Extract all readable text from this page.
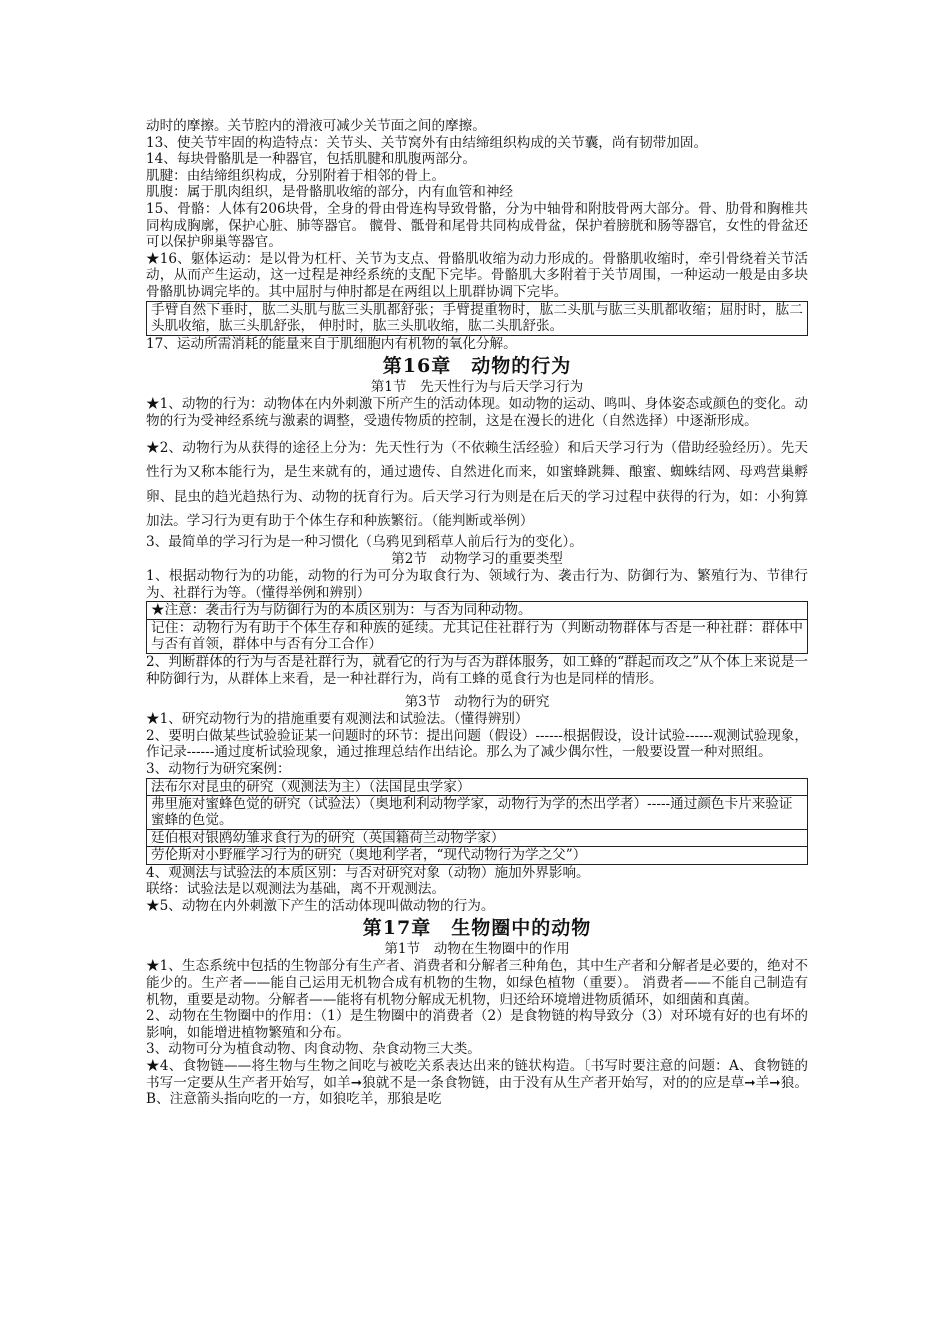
动时的摩擦。关节腔内的滑液可减少关节面之间的摩擦。

13、使关节牢固的构造特点：关节头、关节窝外有由结缔组织构成的关节囊，尚有韧带加固。

14、每块骨骼肌是一种器官，包括肌腱和肌腹两部分。

肌腱：由结缔组织构成，分别附着于相邻的骨上。

肌腹：属于肌肉组织，是骨骼肌收缩的部分，内有血管和神经

15、骨骼：人体有206块骨，全身的骨由骨连构导致骨骼，分为中轴骨和附肢骨两大部分。骨、肋骨和胸椎共同构成胸廓，保护心脏、肺等器官。 髋骨、骶骨和尾骨共同构成骨盆，保护着膀胱和肠等器官，女性的骨盆还可以保护卵巢等器官。

★16、躯体运动：是以骨为杠杆、关节为支点、骨骼肌收缩为动力形成的。骨骼肌收缩时，牵引骨绕着关节活动，从而产生运动，这一过程是神经系统的支配下完毕。骨骼肌大多附着于关节周围，一种运动一般是由多块骨骼肌协调完毕的。其中屈肘与伸肘都是在两组以上肌群协调下完毕。

手臂自然下垂时，肱二头肌与肱三头肌都舒张；手臂提重物时，肱二头肌与肱三头肌都收缩；屈肘时，肱二头肌收缩，肱三头肌舒张， 伸肘时，肱三头肌收缩，肱二头肌舒张。

17、运动所需消耗的能量来自于肌细胞内有机物的氧化分解。

第16章　动物的行为

第1节　先天性行为与后天学习行为

★1、动物的行为：动物体在内外刺激下所产生的活动体现。如动物的运动、鸣叫、身体姿态或颜色的变化。动物的行为受神经系统与激素的调整，受遗传物质的控制，这是在漫长的进化（自然选择）中逐渐形成。

★2、动物行为从获得的途径上分为：先天性行为（不依赖生活经验）和后天学习行为（借助经验经历）。先天性行为又称本能行为，是生来就有的，通过遗传、自然进化而来，如蜜蜂跳舞、酿蜜、蜘蛛结网、母鸡营巢孵卵、昆虫的趋光趋热行为、动物的抚育行为。后天学习行为则是在后天的学习过程中获得的行为，如：小狗算加法。学习行为更有助于个体生存和种族繁衍。（能判断或举例）

3、最简单的学习行为是一种习惯化（乌鸦见到稻草人前后行为的变化）。

第2节　动物学习的重要类型

1、根据动物行为的功能，动物的行为可分为取食行为、领域行为、袭击行为、防御行为、繁殖行为、节律行为、社群行为等。（懂得举例和辨别）

★注意：袭击行为与防御行为的本质区别为：与否为同种动物。

记住：动物行为有助于个体生存和种族的延续。尤其记住社群行为（判断动物群体与否是一种社群：群体中与否有首领，群体中与否有分工合作）

2、判断群体的行为与否是社群行为，就看它的行为与否为群体服务，如工蜂的“群起而攻之”从个体上来说是一种防御行为，从群体上来看，是一种社群行为，尚有工蜂的觅食行为也是同样的情形。

第3节　动物行为的研究

★1、研究动物行为的措施重要有观测法和试验法。（懂得辨别）

2、要明白做某些试验验证某一问题时的环节：提出问题（假设）------根据假设，设计试验------观测试验现象，作记录------通过度析试验现象，通过推理总结作出结论。那么为了减少偶尔性，一般要设置一种对照组。

3、动物行为研究案例：

法布尔对昆虫的研究（观测法为主）（法国昆虫学家）
弗里施对蜜蜂色觉的研究（试验法）（奥地利利动物学家，动物行为学的杰出学者）-----通过颜色卡片来验证蜜蜂的色觉。
廷伯根对银鸥幼雏求食行为的研究（英国籍荷兰动物学家）
劳伦斯对小野雁学习行为的研究（奥地利学者，“现代动物行为学之父”）

4、观测法与试验法的本质区别：与否对研究对象（动物）施加外界影响。

联络：试验法是以观测法为基础，离不开观测法。

★5、动物在内外刺激下产生的活动体现叫做动物的行为。

第17章　生物圈中的动物

第1节　动物在生物圈中的作用

★1、生态系统中包括的生物部分有生产者、消费者和分解者三种角色，其中生产者和分解者是必要的，绝对不能少的。生产者——能自己运用无机物合成有机物的生物，如绿色植物（重要）。 消费者——不能自己制造有机物，重要是动物。分解者——能将有机物分解成无机物，归还给环境增进物质循环，如细菌和真菌。

2、动物在生物圈中的作用：（1）是生物圈中的消费者（2）是食物链的构导致分（3）对环境有好的也有坏的影响，如能增进植物繁殖和分布。

3、动物可分为植食动物、肉食动物、杂食动物三大类。

★4、食物链——将生物与生物之间吃与被吃关系表达出来的链状构造。〔书写时要注意的问题：A、食物链的书写一定要从生产者开始写，如羊➞狼就不是一条食物链，由于没有从生产者开始写，对的的应是草➞羊➞狼。B、注意箭头指向吃的一方，如狼吃羊，那狼是吃
